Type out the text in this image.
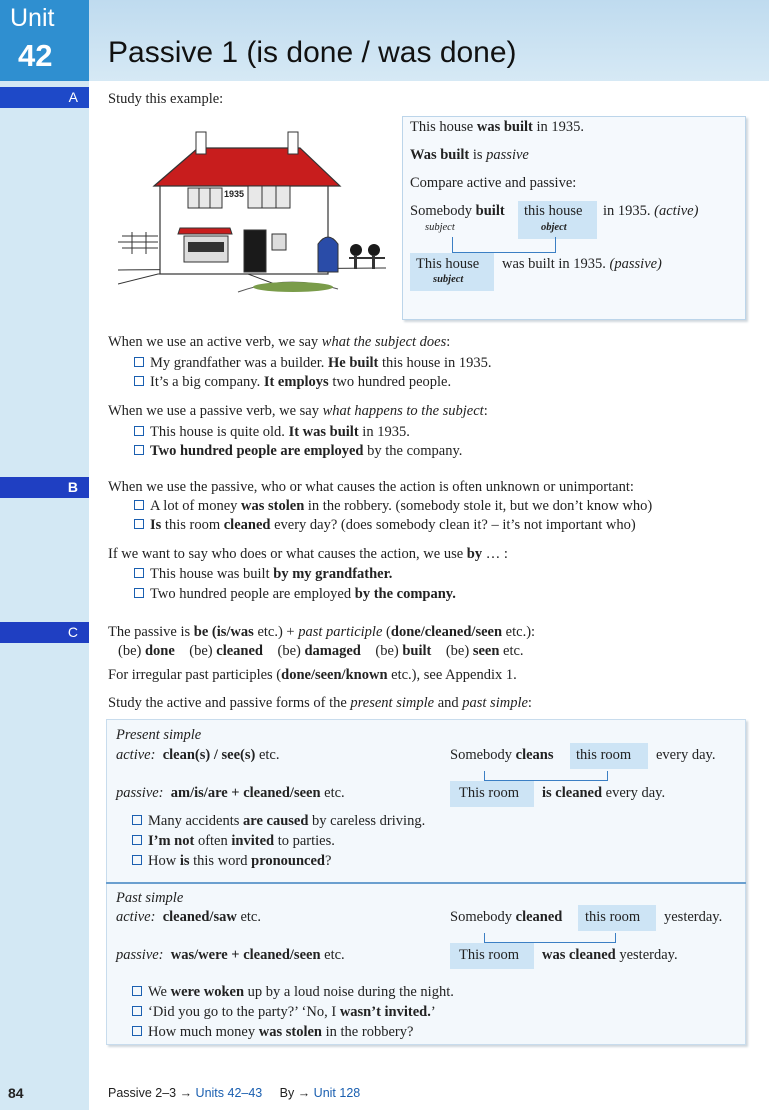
Unit
42 Passive 1 (is done / was done)
A
B
C
Study this example:
1935
This house was built in 1935.
Was built is passive
Compare active and passive:
Somebody built this house in 1935. (active)
subject	object
This house was built in 1935. (passive)
subject
When we use an active verb, we say what the subject does:
My grandfather was a builder. He built this house in 1935.
It’s a big company. It employs two hundred people.
When we use a passive verb, we say what happens to the subject:
This house is quite old. It was built in 1935.
Two hundred people are employed by the company.
When we use the passive, who or what causes the action is often unknown or unimportant:
A lot of money was stolen in the robbery. (somebody stole it, but we don’t know who)
Is this room cleaned every day? (does somebody clean it? – it’s not important who)
If we want to say who does or what causes the action, we use by … :
This house was built by my grandfather.
Two hundred people are employed by the company.
The passive is be (is/was etc.) + past participle (done/cleaned/seen etc.):
(be) done (be) cleaned (be) damaged (be) built (be) seen etc.
For irregular past participles (done/seen/known etc.), see Appendix 1.
Study the active and passive forms of the present simple and past simple:
Present simple
active: clean(s) / see(s) etc.	Somebody cleans this room every day.
passive: am/is/are + cleaned/seen etc.	This room is cleaned every day.
Many accidents are caused by careless driving.
I’m not often invited to parties.
How is this word pronounced?
Past simple
active: cleaned/saw etc.	Somebody cleaned this room yesterday.
passive: was/were + cleaned/seen etc.	This room was cleaned yesterday.
We were woken up by a loud noise during the night.
‘Did you go to the party?’ ‘No, I wasn’t invited.’
How much money was stolen in the robbery?
84	Passive 2–3 → Units 42–43 By → Unit 128
